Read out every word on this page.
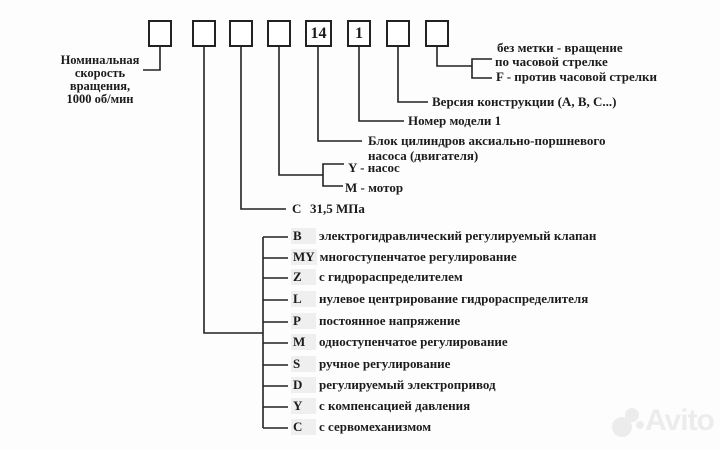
14	1
Номинальная
скорость
вращения,
1000 об/мин
без метки - вращение
по часовой стрелке
F - против часовой стрелки
Версия конструкции (A, B, C...)
Номер модели 1
Блок цилиндров аксиально-поршневого
насоса (двигателя)
Y - насос
M - мотор
C 31,5 МПа
B электрогидравлический регулируемый клапан
MY многоступенчатое регулирование
Z с гидрораспределителем
L нулевое центрирование гидрораспределителя
P постоянное напряжение
M одноступенчатое регулирование
S ручное регулирование
D регулируемый электропривод
Y с компенсацией давления
C с сервомеханизмом	Avito
